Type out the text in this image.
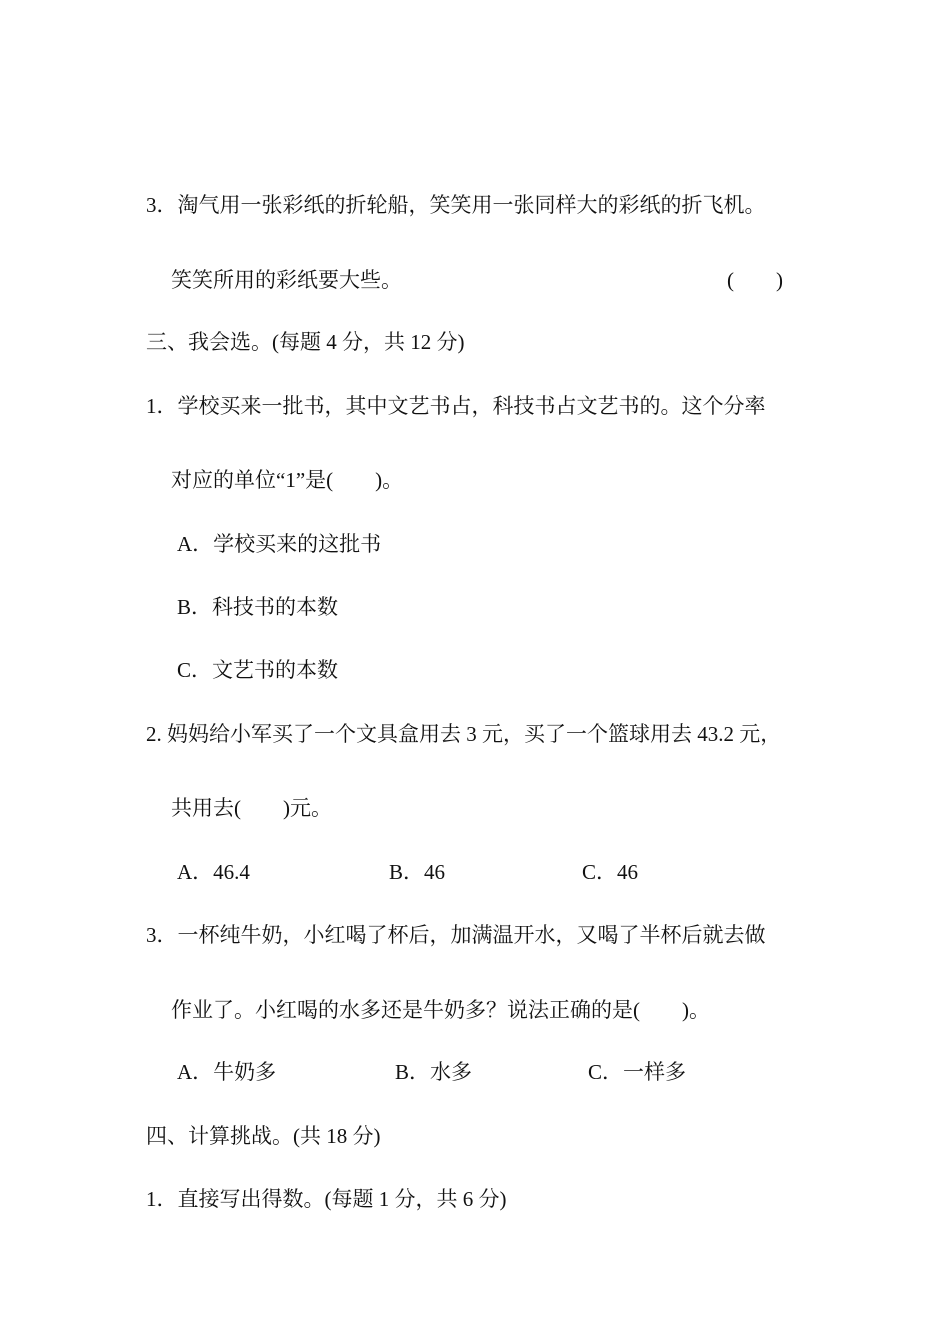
3．淘气用一张彩纸的折轮船，笑笑用一张同样大的彩纸的折飞机。
笑笑所用的彩纸要大些。	(        )
三、我会选。(每题 4 分，共 12 分)
1．学校买来一批书，其中文艺书占，科技书占文艺书的。这个分率
对应的单位“1”是(        )。
A．学校买来的这批书
B．科技书的本数
C．文艺书的本数
2. 妈妈给小军买了一个文具盒用去 3 元，买了一个篮球用去 43.2 元，
共用去(        )元。
A．46.4	B．46	C．46
3．一杯纯牛奶，小红喝了杯后，加满温开水，又喝了半杯后就去做
作业了。小红喝的水多还是牛奶多？说法正确的是(        )。
A．牛奶多	B．水多	C．一样多
四、计算挑战。(共 18 分)
1．直接写出得数。(每题 1 分，共 6 分)
